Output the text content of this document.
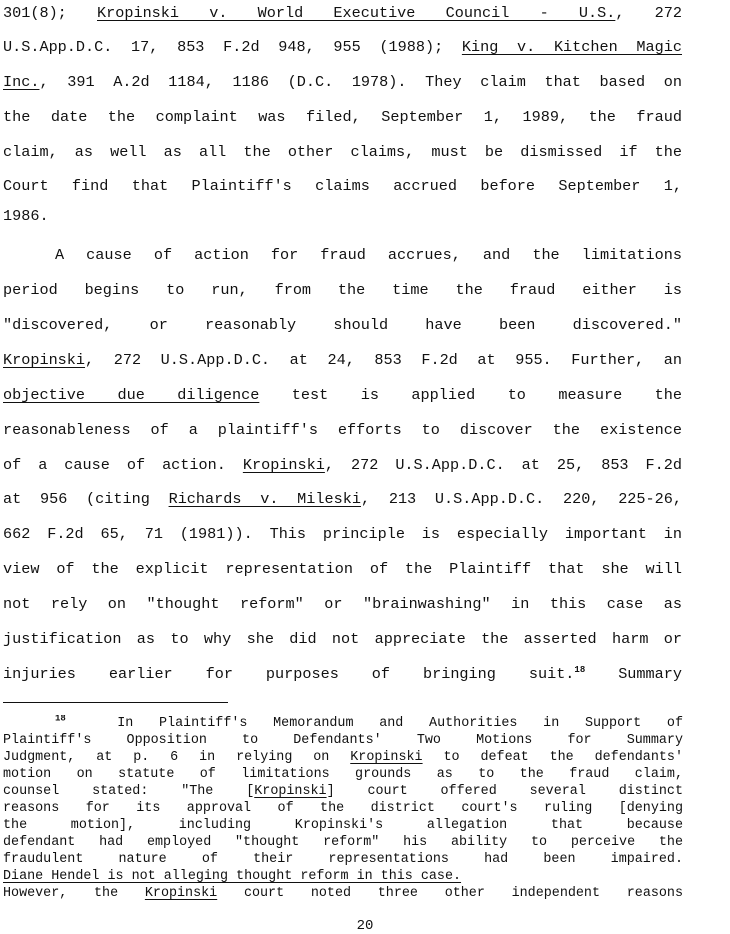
301(8); Kropinski v. World Executive Council - U.S., 272
U.S.App.D.C. 17, 853 F.2d 948, 955 (1988); King v. Kitchen Magic
Inc., 391 A.2d 1184, 1186 (D.C. 1978). They claim that based on
the date the complaint was filed, September 1, 1989, the fraud
claim, as well as all the other claims, must be dismissed if the
Court find that Plaintiff's claims accrued before September 1,
1986.
A cause of action for fraud accrues, and the limitations
period begins to run, from the time the fraud either is
"discovered, or reasonably should have been discovered."
Kropinski, 272 U.S.App.D.C. at 24, 853 F.2d at 955. Further, an
objective due diligence test is applied to measure the
reasonableness of a plaintiff's efforts to discover the existence
of a cause of action. Kropinski, 272 U.S.App.D.C. at 25, 853 F.2d
at 956 (citing Richards v. Mileski, 213 U.S.App.D.C. 220, 225-26,
662 F.2d 65, 71 (1981)). This principle is especially important in
view of the explicit representation of the Plaintiff that she will
not rely on "thought reform" or "brainwashing" in this case as
justification as to why she did not appreciate the asserted harm or
injuries earlier for purposes of bringing suit.$^{18}$ Summary
$^{18}$	In Plaintiff's Memorandum and Authorities in Support of
Plaintiff's Opposition to Defendants' Two Motions for Summary
Judgment, at p. 6 in relying on Kropinski to defeat the defendants'
motion on statute of limitations grounds as to the fraud claim,
counsel stated: "The [Kropinski] court offered several distinct
reasons for its approval of the district court's ruling [denying
the motion], including Kropinski's allegation that because
defendant had employed "thought reform" his ability to perceive the
fraudulent nature of their representations had been impaired.
Diane Hendel is not alleging thought reform in this case.
However, the Kropinski court noted three other independent reasons
20
